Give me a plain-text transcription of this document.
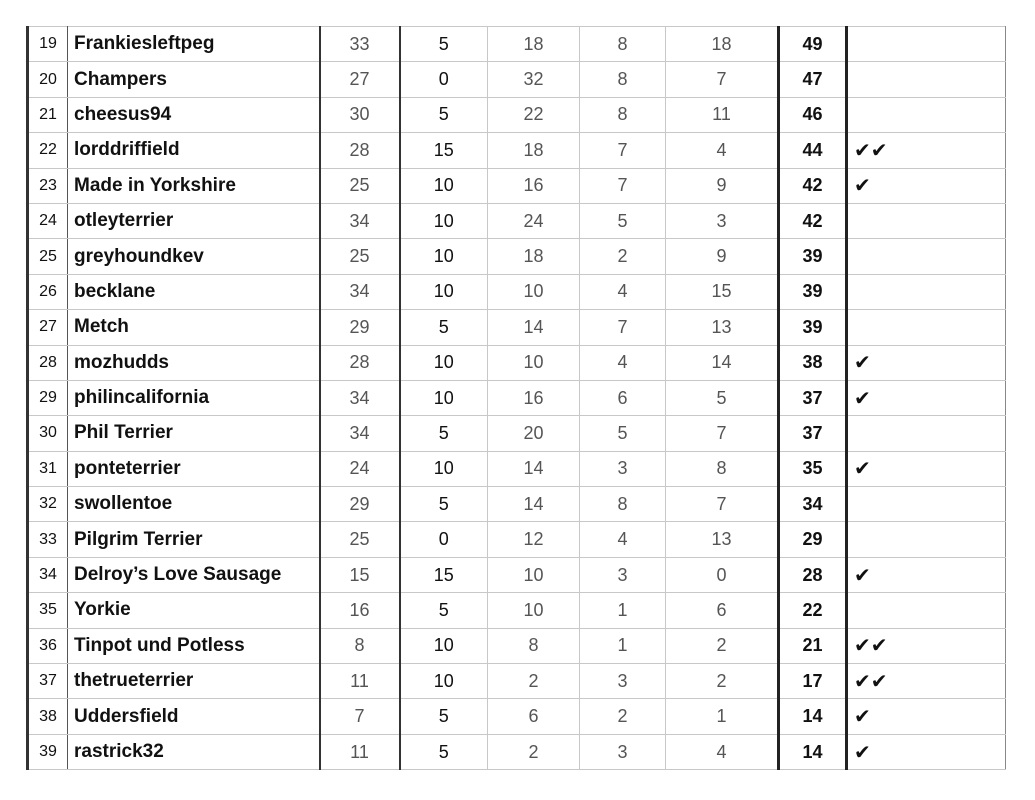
19	Frankiesleftpeg	33	5	18	8	18	49	
20	Champers	27	0	32	8	7	47	
21	cheesus94	30	5	22	8	11	46	
22	lorddriffield	28	15	18	7	4	44	✔✔
23	Made in Yorkshire	25	10	16	7	9	42	✔
24	otleyterrier	34	10	24	5	3	42	
25	greyhoundkev	25	10	18	2	9	39	
26	becklane	34	10	10	4	15	39	
27	Metch	29	5	14	7	13	39	
28	mozhudds	28	10	10	4	14	38	✔
29	philincalifornia	34	10	16	6	5	37	✔
30	Phil Terrier	34	5	20	5	7	37	
31	ponteterrier	24	10	14	3	8	35	✔
32	swollentoe	29	5	14	8	7	34	
33	Pilgrim Terrier	25	0	12	4	13	29	
34	Delroy’s Love Sausage	15	15	10	3	0	28	✔
35	Yorkie	16	5	10	1	6	22	
36	Tinpot und Potless	8	10	8	1	2	21	✔✔
37	thetrueterrier	11	10	2	3	2	17	✔✔
38	Uddersfield	7	5	6	2	1	14	✔
39	rastrick32	11	5	2	3	4	14	✔
